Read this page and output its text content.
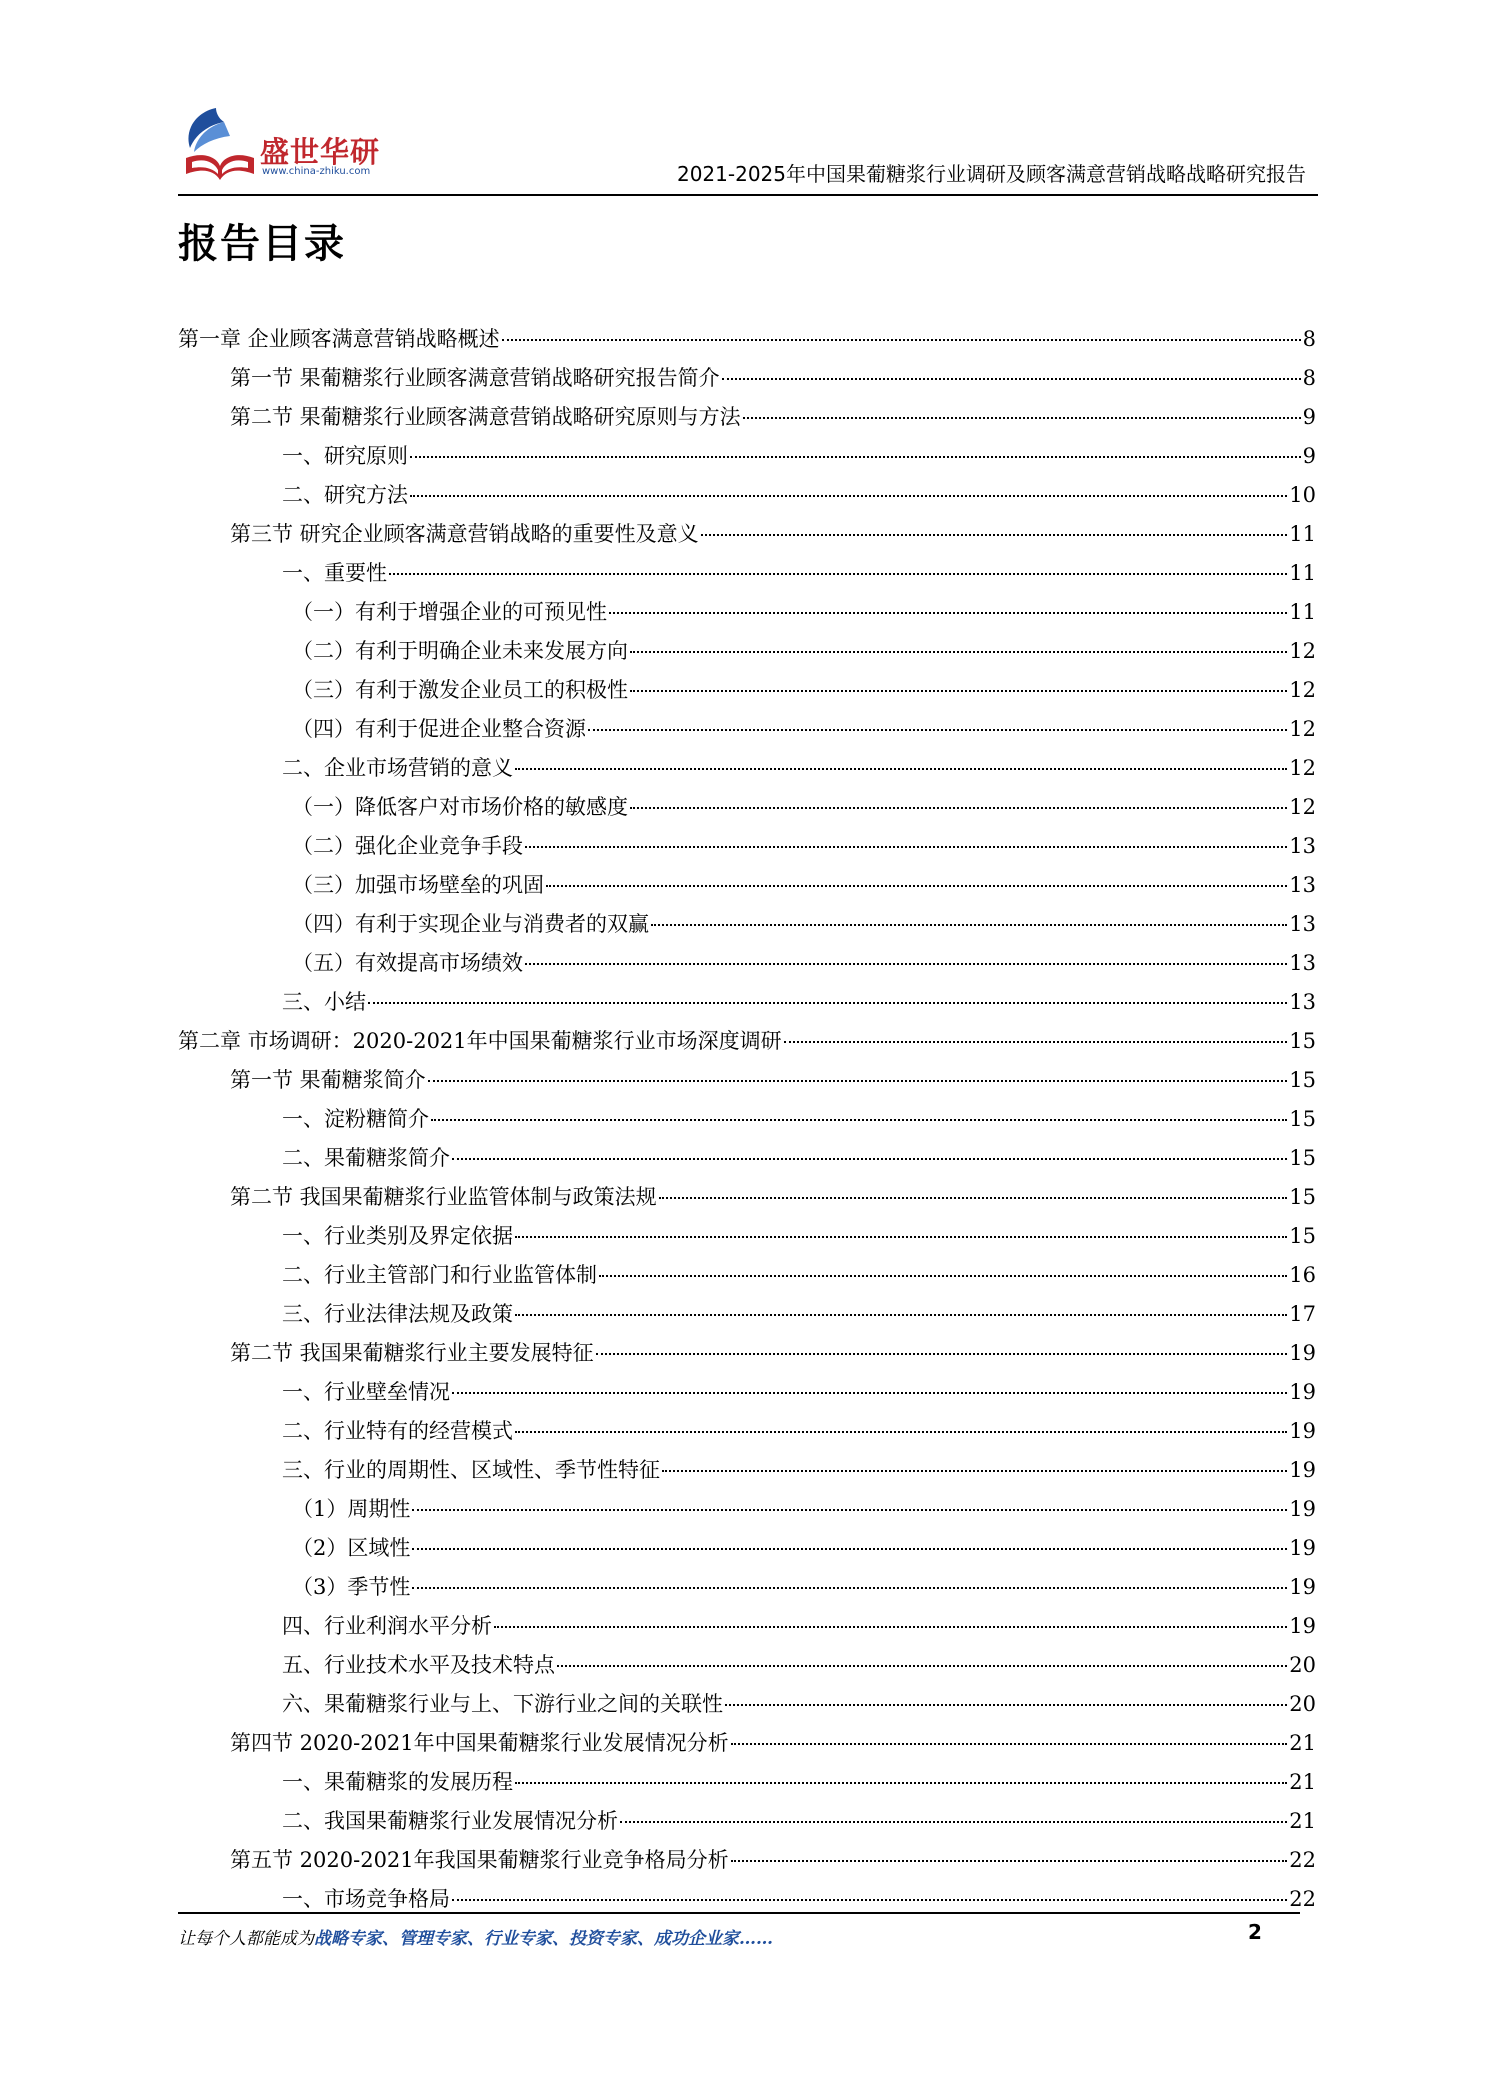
盛世华研
www.china-zhiku.com	2021-2025年中国果葡糖浆行业调研及顾客满意营销战略战略研究报告
报告目录
第一章 企业顾客满意营销战略概述	8
第一节 果葡糖浆行业顾客满意营销战略研究报告简介	8
第二节 果葡糖浆行业顾客满意营销战略研究原则与方法	9
一、研究原则	9
二、研究方法	10
第三节 研究企业顾客满意营销战略的重要性及意义	11
一、重要性	11
（一）有利于增强企业的可预见性	11
（二）有利于明确企业未来发展方向	12
（三）有利于激发企业员工的积极性	12
（四）有利于促进企业整合资源	12
二、企业市场营销的意义	12
（一）降低客户对市场价格的敏感度	12
（二）强化企业竞争手段	13
（三）加强市场壁垒的巩固	13
（四）有利于实现企业与消费者的双赢	13
（五）有效提高市场绩效	13
三、小结	13
第二章 市场调研：2020-2021年中国果葡糖浆行业市场深度调研	15
第一节 果葡糖浆简介	15
一、淀粉糖简介	15
二、果葡糖浆简介	15
第二节 我国果葡糖浆行业监管体制与政策法规	15
一、行业类别及界定依据	15
二、行业主管部门和行业监管体制	16
三、行业法律法规及政策	17
第二节 我国果葡糖浆行业主要发展特征	19
一、行业壁垒情况	19
二、行业特有的经营模式	19
三、行业的周期性、区域性、季节性特征	19
（1）周期性	19
（2）区域性	19
（3）季节性	19
四、行业利润水平分析	19
五、行业技术水平及技术特点	20
六、果葡糖浆行业与上、下游行业之间的关联性	20
第四节 2020-2021年中国果葡糖浆行业发展情况分析	21
一、果葡糖浆的发展历程	21
二、我国果葡糖浆行业发展情况分析	21
第五节 2020-2021年我国果葡糖浆行业竞争格局分析	22
一、市场竞争格局	22
让每个人都能成为战略专家、管理专家、行业专家、投资专家、成功企业家……	2
